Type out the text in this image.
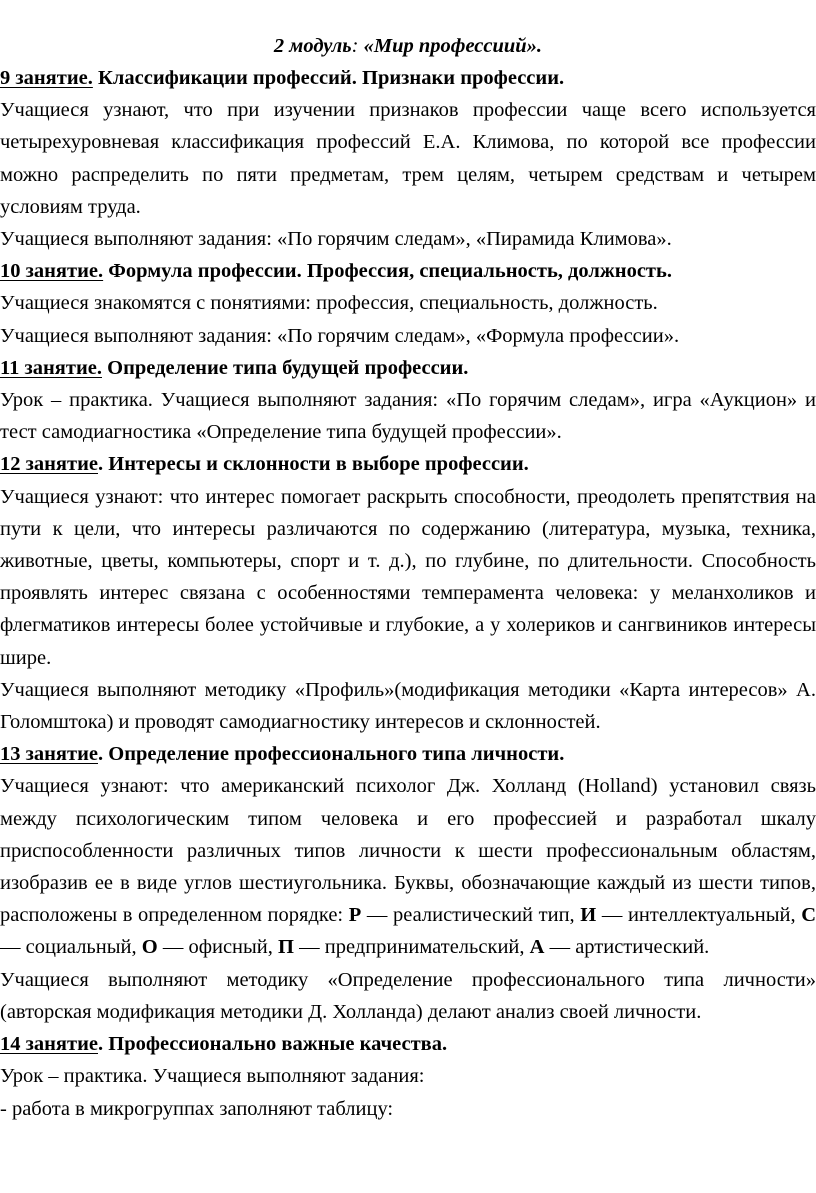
2 модуль: «Мир профессиий».

9 занятие. Классификации профессий. Признаки профессии.

Учащиеся узнают, что при изучении признаков профессии чаще всего используется четырехуровневая классификация профессий Е.А. Климова, по которой все профессии можно распределить по пяти предметам, трем целям, четырем средствам и четырем условиям труда.

Учащиеся выполняют задания: «По горячим следам», «Пирамида Климова».

10 занятие. Формула профессии. Профессия, специальность, должность.

Учащиеся знакомятся с понятиями: профессия, специальность, должность.

Учащиеся выполняют задания: «По горячим следам», «Формула профессии».

11 занятие. Определение типа будущей профессии.

Урок – практика. Учащиеся выполняют задания: «По горячим следам», игра «Аукцион» и тест самодиагностика «Определение типа будущей профессии».

12 занятие. Интересы и склонности в выборе профессии.

Учащиеся узнают: что интерес помогает раскрыть способности, преодолеть препятствия на пути к цели, что интересы различаются по содержанию (литература, музыка, техника, животные, цветы, компьютеры, спорт и т. д.), по глубине, по длительности. Способность проявлять интерес связана с особенностями темперамента человека: у меланхоликов и флегматиков интересы более устойчивые и глубокие, а у холериков и сангвиников интересы шире.

Учащиеся выполняют методику «Профиль»(модификация методики «Карта интересов» А. Голомштока) и проводят самодиагностику интересов и склонностей.

13 занятие. Определение профессионального типа личности.

Учащиеся узнают: что американский психолог Дж. Холланд (Holland) установил связь между психологическим типом человека и его профессией и разработал шкалу приспособленности различных типов личности к шести профессиональным областям, изобразив ее в виде углов шестиугольника. Буквы, обозначающие каждый из шести типов, расположены в определенном порядке: Р — реалистический тип, И — интеллектуальный, С — социальный, О — офисный, П — предпринимательский, А — артистический.

Учащиеся выполняют методику «Определение профессионального типа личности» (авторская модификация методики Д. Холланда) делают анализ своей личности.

14 занятие. Профессионально важные качества.

Урок – практика. Учащиеся выполняют задания:

- работа в микрогруппах заполняют таблицу:
